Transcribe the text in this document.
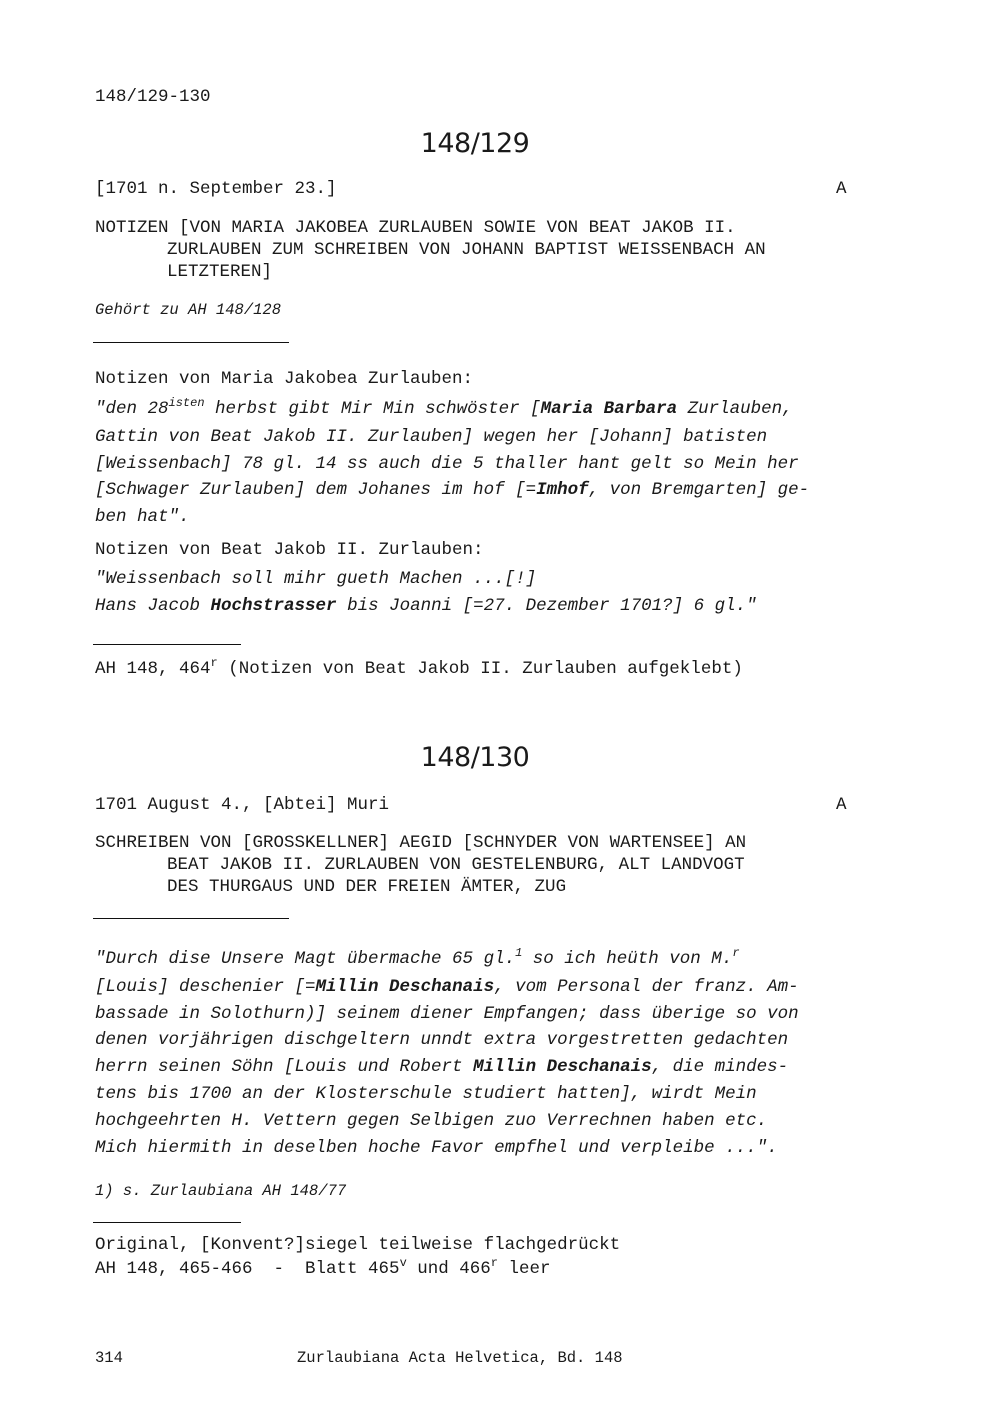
148/129-130
148/129
[1701 n. September 23.]	A
NOTIZEN [VON MARIA JAKOBEA ZURLAUBEN SOWIE VON BEAT JAKOB II.
ZURLAUBEN ZUM SCHREIBEN VON JOHANN BAPTIST WEISSENBACH AN
LETZTEREN]
Gehört zu AH 148/128
Notizen von Maria Jakobea Zurlauben:
"den $28^{isten}$ herbst gibt Mir Min schwöster [Maria Barbara Zurlauben,
Gattin von Beat Jakob II. Zurlauben] wegen her [Johann] batisten
[Weissenbach] 78 gl. 14 ss auch die 5 thaller hant gelt so Mein her
[Schwager Zurlauben] dem Johanes im hof [=Imhof, von Bremgarten] ge-
ben hat".
Notizen von Beat Jakob II. Zurlauben:
"Weissenbach soll mihr gueth Machen ...[!]
Hans Jacob Hochstrasser bis Joanni [=27. Dezember 1701?] 6 gl."
AH 148, 464$^r$ (Notizen von Beat Jakob II. Zurlauben aufgeklebt)
148/130
1701 August 4., [Abtei] Muri	A
SCHREIBEN VON [GROSSKELLNER] AEGID [SCHNYDER VON WARTENSEE] AN
BEAT JAKOB II. ZURLAUBEN VON GESTELENBURG, ALT LANDVOGT
DES THURGAUS UND DER FREIEN ÄMTER, ZUG
"Durch dise Unsere Magt übermache 65 gl.$^1$ so ich heüth von M.$^r$
[Louis] deschenier [=Millin Deschanais, vom Personal der franz. Am-
bassade in Solothurn)] seinem diener Empfangen; dass überige so von
denen vorjährigen dischgeltern unndt extra vorgestretten gedachten
herrn seinen Söhn [Louis und Robert Millin Deschanais, die mindes-
tens bis 1700 an der Klosterschule studiert hatten], wirdt Mein
hochgeehrten H. Vettern gegen Selbigen zuo Verrechnen haben etc.
Mich hiermith in deselben hoche Favor empfhel und verpleibe ...".
1) s. Zurlaubiana AH 148/77
Original, [Konvent?]siegel teilweise flachgedrückt
AH 148, 465-466  -  Blatt 465$^v$ und 466$^r$ leer
314	Zurlaubiana Acta Helvetica, Bd. 148
